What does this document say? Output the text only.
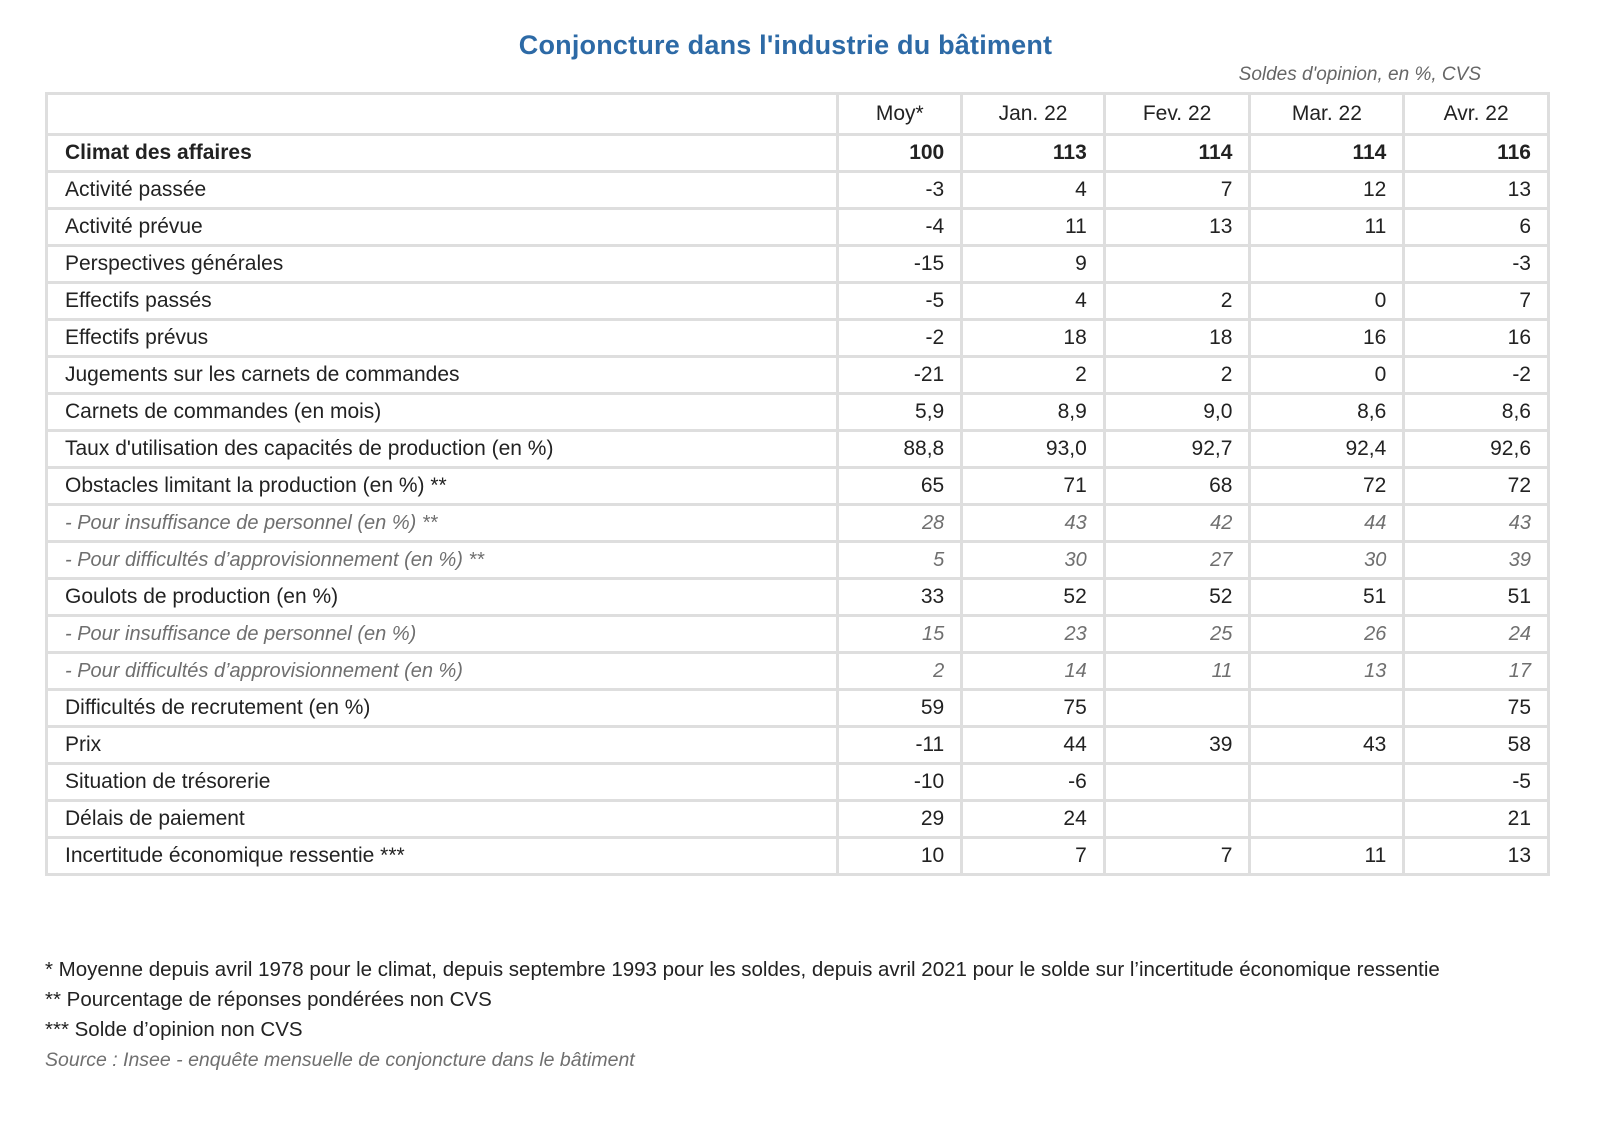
Conjoncture dans l'industrie du bâtiment
Soldes d'opinion, en %, CVS
	Moy*	Jan. 22	Fev. 22	Mar. 22	Avr. 22
Climat des affaires	100	113	114	114	116
Activité passée	-3	4	7	12	13
Activité prévue	-4	11	13	11	6
Perspectives générales	-15	9			-3
Effectifs passés	-5	4	2	0	7
Effectifs prévus	-2	18	18	16	16
Jugements sur les carnets de commandes	-21	2	2	0	-2
Carnets de commandes (en mois)	5,9	8,9	9,0	8,6	8,6
Taux d'utilisation des capacités de production (en %)	88,8	93,0	92,7	92,4	92,6
Obstacles limitant la production (en %) **	65	71	68	72	72
- Pour insuffisance de personnel (en %) **	28	43	42	44	43
- Pour difficultés d’approvisionnement (en %) **	5	30	27	30	39
Goulots de production (en %)	33	52	52	51	51
- Pour insuffisance de personnel (en %)	15	23	25	26	24
- Pour difficultés d’approvisionnement (en %)	2	14	11	13	17
Difficultés de recrutement (en %)	59	75			75
Prix	-11	44	39	43	58
Situation de trésorerie	-10	-6			-5
Délais de paiement	29	24			21
Incertitude économique ressentie ***	10	7	7	11	13

* Moyenne depuis avril 1978 pour le climat, depuis septembre 1993 pour les soldes, depuis avril 2021 pour le solde sur l’incertitude économique ressentie

** Pourcentage de réponses pondérées non CVS

*** Solde d’opinion non CVS

Source : Insee - enquête mensuelle de conjoncture dans le bâtiment
